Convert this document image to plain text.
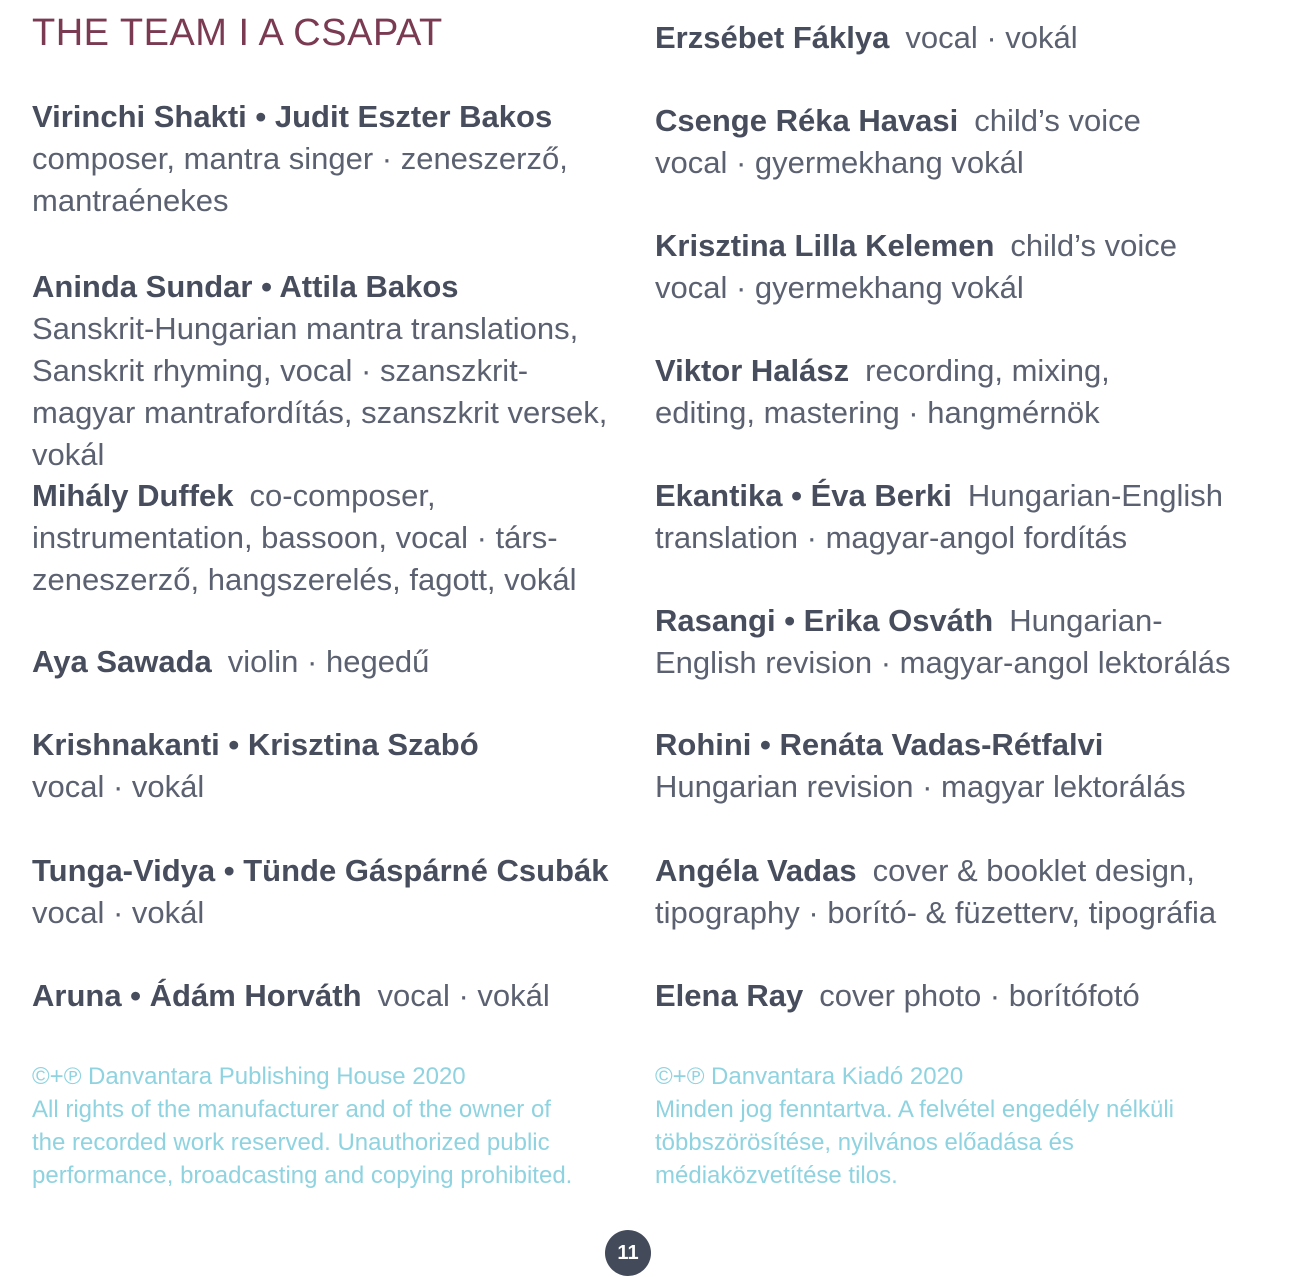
THE TEAM I A CSAPAT
Virinchi Shakti • Judit Eszter Bakos
composer, mantra singer · zeneszerző, mantraénekes
Aninda Sundar • Attila Bakos
Sanskrit-Hungarian mantra translations, Sanskrit rhyming, vocal · szanszkrit-magyar mantrafordítás, szanszkrit versek, vokál
Mihály Duffek co-composer, instrumentation, bassoon, vocal · társ-zeneszerző, hangszerelés, fagott, vokál
Aya Sawada violin · hegedű
Krishnakanti • Krisztina Szabó
vocal · vokál
Tunga-Vidya • Tünde Gáspárné Csubák
vocal · vokál
Aruna • Ádám Horváth vocal · vokál
©+℗ Danvantara Publishing House 2020
All rights of the manufacturer and of the owner of
the recorded work reserved. Unauthorized public
performance, broadcasting and copying prohibited.
Erzsébet Fáklya vocal · vokál
Csenge Réka Havasi child’s voice
vocal · gyermekhang vokál
Krisztina Lilla Kelemen child’s voice
vocal · gyermekhang vokál
Viktor Halász recording, mixing,
editing, mastering · hangmérnök
Ekantika • Éva Berki Hungarian-English
translation · magyar-angol fordítás
Rasangi • Erika Osváth Hungarian-
English revision · magyar-angol lektorálás
Rohini • Renáta Vadas-Rétfalvi
Hungarian revision · magyar lektorálás
Angéla Vadas cover & booklet design,
tipography · borító- & füzetterv, tipográfia
Elena Ray cover photo · borítófotó
©+℗ Danvantara Kiadó 2020
Minden jog fenntartva. A felvétel engedély nélküli
többszörösítése, nyilvános előadása és
médiaközvetítése tilos.
11
